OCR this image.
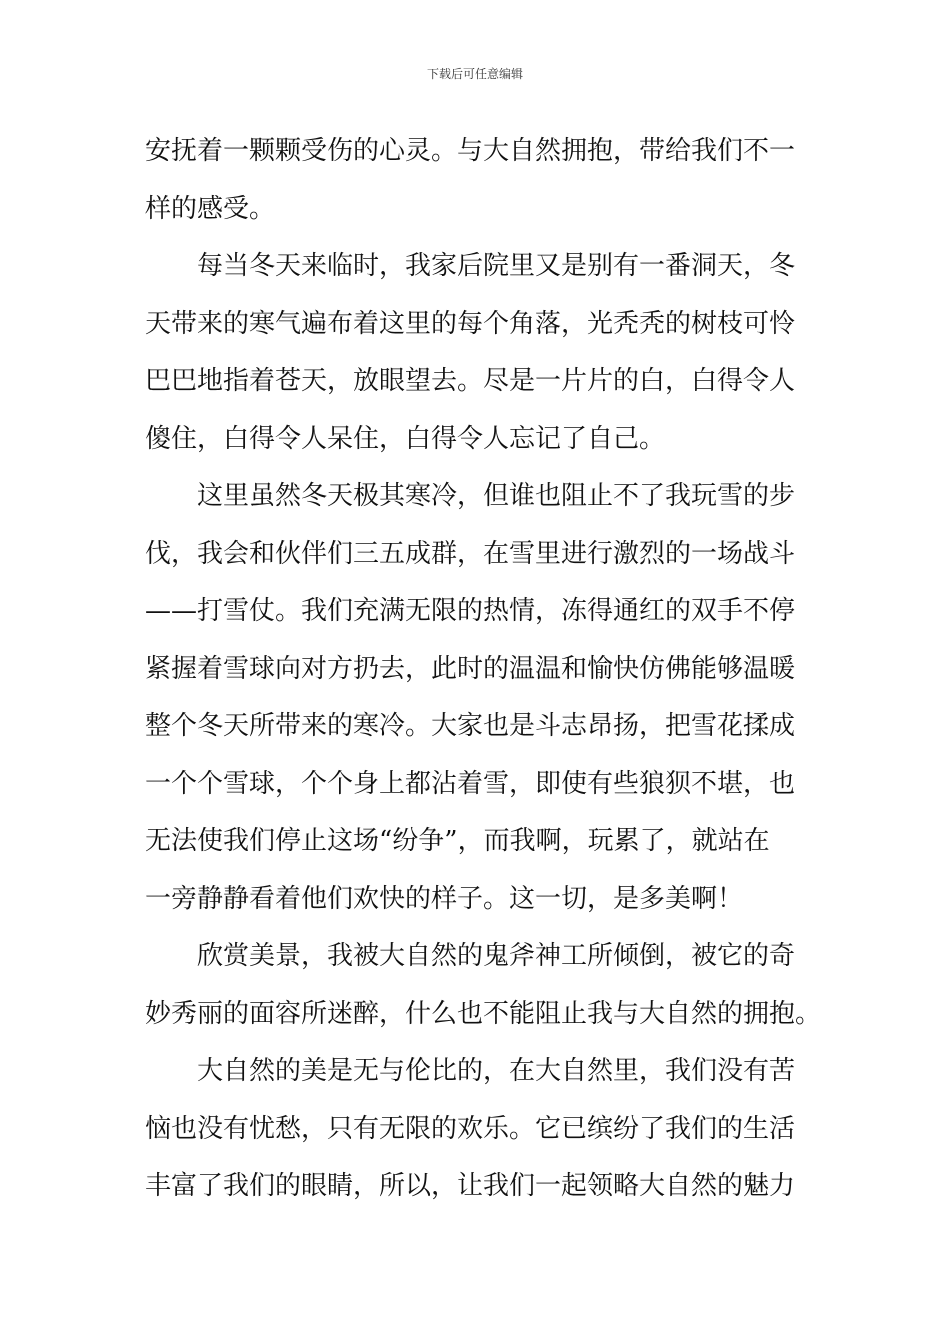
下载后可任意编辑
安抚着一颗颗受伤的心灵。与大自然拥抱，带给我们不一
样的感受。
每当冬天来临时，我家后院里又是别有一番洞天，冬
天带来的寒气遍布着这里的每个角落，光秃秃的树枝可怜
巴巴地指着苍天，放眼望去。尽是一片片的白，白得令人
傻住，白得令人呆住，白得令人忘记了自己。
这里虽然冬天极其寒冷，但谁也阻止不了我玩雪的步
伐，我会和伙伴们三五成群，在雪里进行激烈的一场战斗
——打雪仗。我们充满无限的热情，冻得通红的双手不停
紧握着雪球向对方扔去，此时的温温和愉快仿佛能够温暖
整个冬天所带来的寒冷。大家也是斗志昂扬，把雪花揉成
一个个雪球，个个身上都沾着雪，即使有些狼狈不堪，也
无法使我们停止这场“纷争”，而我啊，玩累了，就站在
一旁静静看着他们欢快的样子。这一切，是多美啊！
欣赏美景，我被大自然的鬼斧神工所倾倒，被它的奇
妙秀丽的面容所迷醉，什么也不能阻止我与大自然的拥抱。
大自然的美是无与伦比的，在大自然里，我们没有苦
恼也没有忧愁，只有无限的欢乐。它已缤纷了我们的生活
丰富了我们的眼睛，所以，让我们一起领略大自然的魅力
